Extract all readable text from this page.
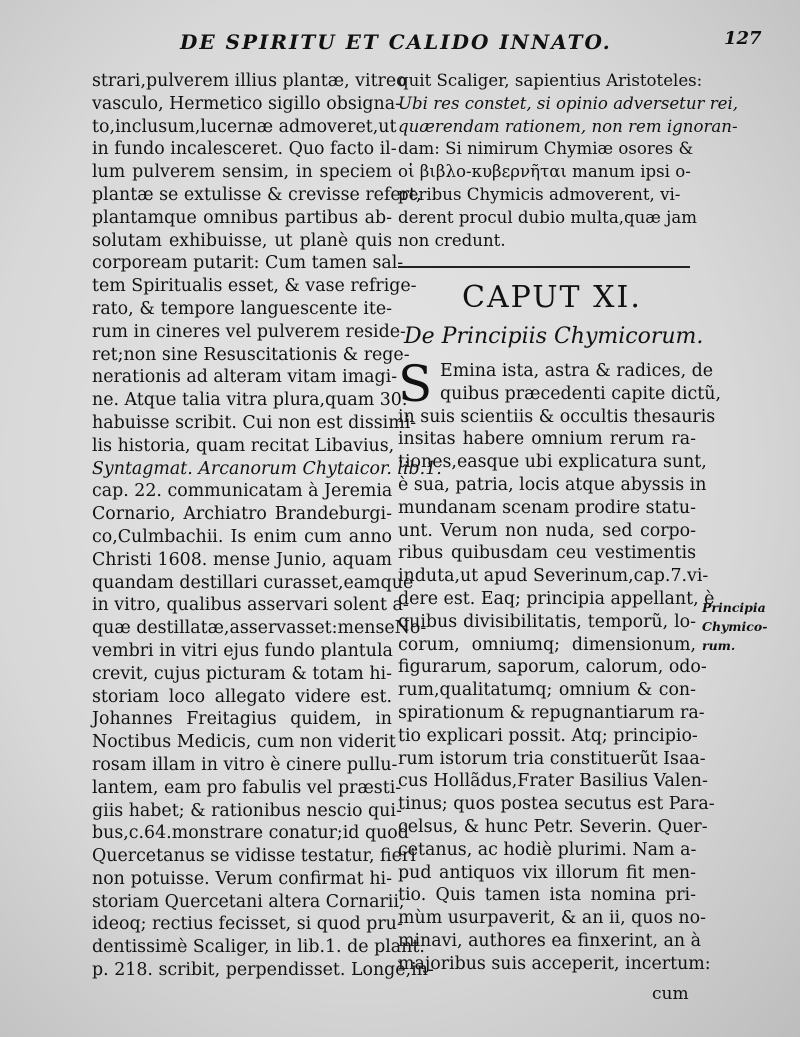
DE SPIRITU ET CALIDO INNATO.	127
strari,pulverem illius plantæ, vitreo
vasculo, Hermetico sigillo obsigna-
to,inclusum,lucernæ admoveret,ut
in fundo incalesceret. Quo facto il-
lum pulverem sensim, in speciem
plantæ se extulisse & crevisse refert,
plantamque omnibus partibus ab-
solutam exhibuisse, ut planè quis
corpoream putarit: Cum tamen sal-
tem Spiritualis esset, & vase refrige-
rato, & tempore languescente ite-
rum in cineres vel pulverem reside-
ret;non sine Resuscitationis & rege-
nerationis ad alteram vitam imagi-
ne. Atque talia vitra plura,quam 30.
habuisse scribit. Cui non est dissimi-
lis historia, quam recitat Libavius,
Syntagmat. Arcanorum Chytaicor. lib.1.
cap. 22. communicatam à Jeremia
Cornario, Archiatro Brandeburgi-
co,Culmbachii. Is enim cum anno
Christi 1608. mense Junio, aquam
quandam destillari curasset,eamque
in vitro, qualibus asservari solent a-
quæ destillatæ,asservasset:menseNo-
vembri in vitri ejus fundo plantula
crevit, cujus picturam & totam hi-
storiam loco allegato videre est.
Johannes Freitagius quidem, in
Noctibus Medicis, cum non viderit
rosam illam in vitro è cinere pullu-
lantem, eam pro fabulis vel præsti-
giis habet; & rationibus nescio qui-
bus,c.64.monstrare conatur;id quod
Quercetanus se vidisse testatur, fieri
non potuisse. Verum confirmat hi-
storiam Quercetani altera Cornarii,
ideoq; rectius fecisset, si quod pru-
dentissimè Scaliger, in lib.1. de plant.
p. 218. scribit, perpendisset. Longè,in-
quit Scaliger, sapientius Aristoteles:
Ubi res constet, si opinio adversetur rei,
quærendam rationem, non rem ignoran-
dam: Si nimirum Chymiæ osores &
οἱ βιβλο-κυβερνῆται manum ipsi o-
peribus Chymicis admoverent, vi-
derent procul dubio multa,quæ jam
non credunt.
CAPUT XI.
De Principiis Chymicorum.
S Emina ista, astra & radices, de
quibus præcedenti capite dictũ,
in suis scientiis & occultis thesauris
insitas habere omnium rerum ra-
tiones,easque ubi explicatura sunt,
è sua, patria, locis atque abyssis in
mundanam scenam prodire statu-
unt. Verum non nuda, sed corpo-
ribus quibusdam ceu vestimentis
induta,ut apud Severinum,cap.7.vi-
dere est. Eaq; principia appellant, è
quibus divisibilitatis, temporũ, lo-
corum, omniumq; dimensionum,
figurarum, saporum, calorum, odo-
rum,qualitatumq; omnium & con-
spirationum & repugnantiarum ra-
tio explicari possit. Atq; principio-
rum istorum tria constituerũt Isaa-
cus Hollãdus,Frater Basilius Valen-
tinus; quos postea secutus est Para-
celsus, & hunc Petr. Severin. Quer-
cetanus, ac hodiè plurimi. Nam a-
pud antiquos vix illorum fit men-
tio. Quis tamen ista nomina pri-
mùm usurpaverit, & an ii, quos no-
minavi, authores ea finxerint, an à
majoribus suis acceperit, incertum:
Principia
Chymico-
rum.
cum
